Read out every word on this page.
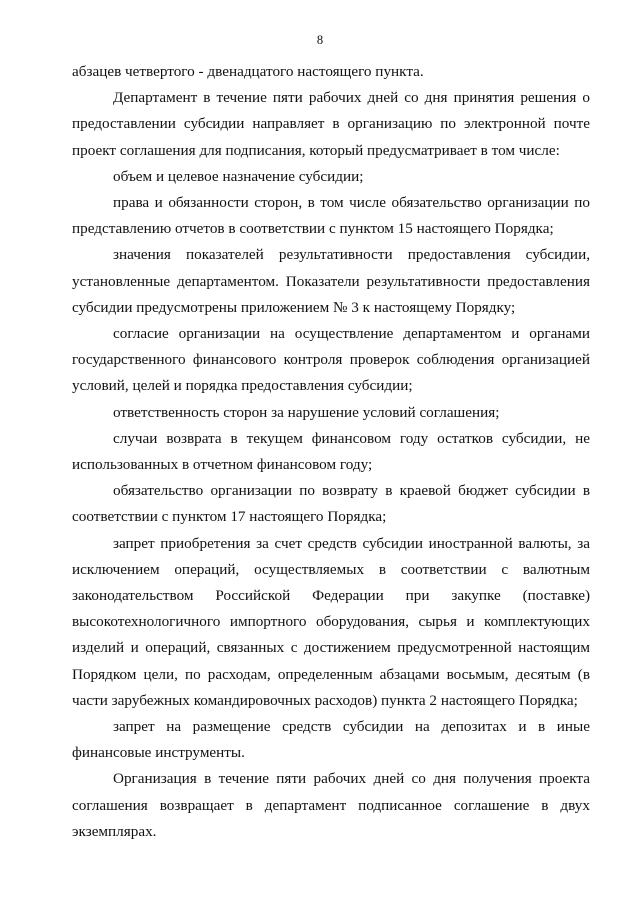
8

абзацев четвертого - двенадцатого настоящего пункта.

Департамент в течение пяти рабочих дней со дня принятия решения о предоставлении субсидии направляет в организацию по электронной почте проект соглашения для подписания, который предусматривает в том числе:

объем и целевое назначение субсидии;

права и обязанности сторон, в том числе обязательство организации по представлению отчетов в соответствии с пунктом 15 настоящего Порядка;

значения показателей результативности предоставления субсидии, установленные департаментом. Показатели результативности предоставления субсидии предусмотрены приложением № 3 к настоящему Порядку;

согласие организации на осуществление департаментом и органами государственного финансового контроля проверок соблюдения организацией условий, целей и порядка предоставления субсидии;

ответственность сторон за нарушение условий соглашения;

случаи возврата в текущем финансовом году остатков субсидии, не использованных в отчетном финансовом году;

обязательство организации по возврату в краевой бюджет субсидии в соответствии с пунктом 17 настоящего Порядка;

запрет приобретения за счет средств субсидии иностранной валюты, за исключением операций, осуществляемых в соответствии с валютным законодательством Российской Федерации при закупке (поставке) высокотехнологичного импортного оборудования, сырья и комплектующих изделий и операций, связанных с достижением предусмотренной настоящим Порядком цели, по расходам, определенным абзацами восьмым, десятым (в части зарубежных командировочных расходов) пункта 2 настоящего Порядка;

запрет на размещение средств субсидии на депозитах и в иные финансовые инструменты.

Организация в течение пяти рабочих дней со дня получения проекта соглашения возвращает в департамент подписанное соглашение в двух экземплярах.
